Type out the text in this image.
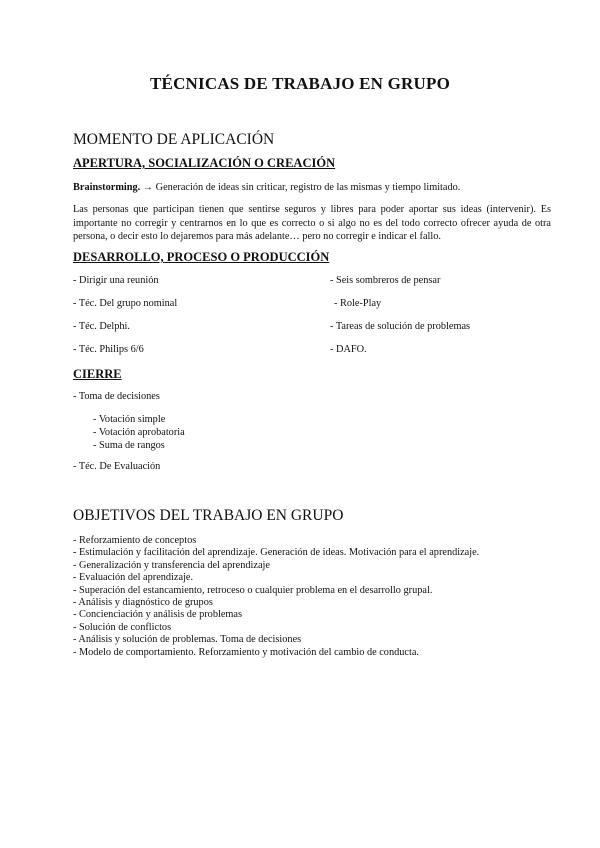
TÉCNICAS DE TRABAJO EN GRUPO
MOMENTO DE APLICACIÓN
APERTURA, SOCIALIZACIÓN O CREACIÓN
Brainstorming. → Generación de ideas sin criticar, registro de las mismas y tiempo limitado.
Las personas que participan tienen que sentirse seguros y libres para poder aportar sus ideas (intervenir). Es importante no corregir y centrarnos en lo que es correcto o si algo no es del todo correcto ofrecer ayuda de otra persona, o decir esto lo dejaremos para más adelante… pero no corregir e indicar el fallo.
DESARROLLO, PROCESO O PRODUCCIÓN
- Dirigir una reunión
- Téc. Del grupo nominal
- Téc. Delphi.
- Téc. Philips 6/6
- Seis sombreros de pensar
- Role-Play
- Tareas de solución de problemas
- DAFO.
CIERRE
- Toma de decisiones
- Votación simple
- Votación aprobatoria
- Suma de rangos
- Téc. De Evaluación
OBJETIVOS DEL TRABAJO EN GRUPO
- Reforzamiento de conceptos
- Estimulación y facilitación del aprendizaje. Generación de ideas. Motivación para el aprendizaje.
- Generalización y transferencia del aprendizaje
- Evaluación del aprendizaje.
- Superación del estancamiento, retroceso o cualquier problema en el desarrollo grupal.
- Análisis y diagnóstico de grupos
- Concienciación y análisis de problemas
- Solución de conflictos
- Análisis y solución de problemas. Toma de decisiones
- Modelo de comportamiento. Reforzamiento y motivación del cambio de conducta.
